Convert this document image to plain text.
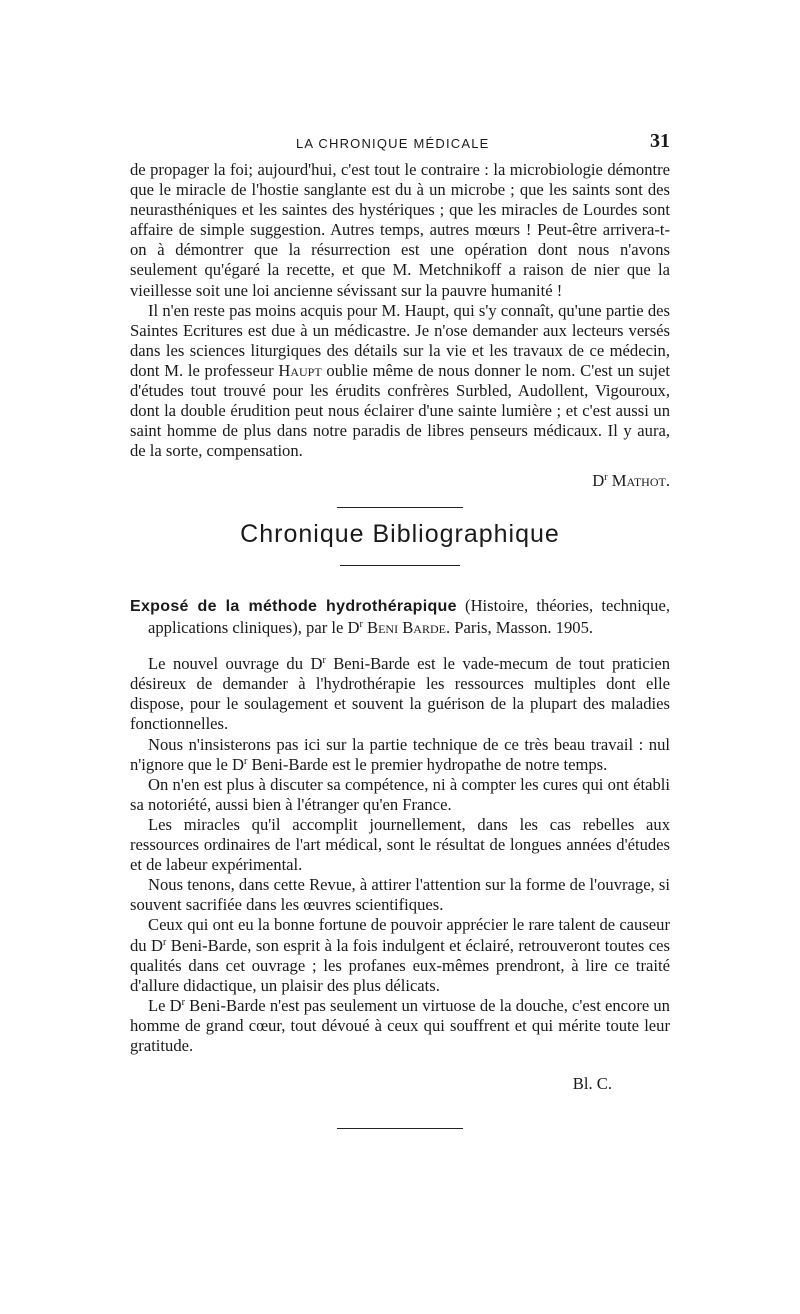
LA CHRONIQUE MÉDICALE	31

de propager la foi; aujourd'hui, c'est tout le contraire : la microbiologie démontre que le miracle de l'hostie sanglante est du à un microbe ; que les saints sont des neurasthéniques et les saintes des hystériques ; que les miracles de Lourdes sont affaire de simple suggestion. Autres temps, autres mœurs ! Peut-être arrivera-t-on à démontrer que la résurrection est une opération dont nous n'avons seulement qu'égaré la recette, et que M. Metchnikoff a raison de nier que la vieillesse soit une loi ancienne sévissant sur la pauvre humanité !

Il n'en reste pas moins acquis pour M. Haupt, qui s'y connaît, qu'une partie des Saintes Ecritures est due à un médicastre. Je n'ose demander aux lecteurs versés dans les sciences liturgiques des détails sur la vie et les travaux de ce médecin, dont M. le professeur Haupt oublie même de nous donner le nom. C'est un sujet d'études tout trouvé pour les érudits confrères Surbled, Audollent, Vigouroux, dont la double érudition peut nous éclairer d'une sainte lumière ; et c'est aussi un saint homme de plus dans notre paradis de libres penseurs médicaux. Il y aura, de la sorte, compensation.

$D^r$ Mathot.
Chronique Bibliographique

Exposé de la méthode hydrothérapique (Histoire, théories, technique, applications cliniques), par le $D^r$ Beni Barde. Paris, Masson. 1905.

Le nouvel ouvrage du $D^r$ Beni-Barde est le vade-mecum de tout praticien désireux de demander à l'hydrothérapie les ressources multiples dont elle dispose, pour le soulagement et souvent la guérison de la plupart des maladies fonctionnelles.

Nous n'insisterons pas ici sur la partie technique de ce très beau travail : nul n'ignore que le $D^r$ Beni-Barde est le premier hydropathe de notre temps.

On n'en est plus à discuter sa compétence, ni à compter les cures qui ont établi sa notoriété, aussi bien à l'étranger qu'en France.

Les miracles qu'il accomplit journellement, dans les cas rebelles aux ressources ordinaires de l'art médical, sont le résultat de longues années d'études et de labeur expérimental.

Nous tenons, dans cette Revue, à attirer l'attention sur la forme de l'ouvrage, si souvent sacrifiée dans les œuvres scientifiques.

Ceux qui ont eu la bonne fortune de pouvoir apprécier le rare talent de causeur du $D^r$ Beni-Barde, son esprit à la fois indulgent et éclairé, retrouveront toutes ces qualités dans cet ouvrage ; les profanes eux-mêmes prendront, à lire ce traité d'allure didactique, un plaisir des plus délicats.

Le $D^r$ Beni-Barde n'est pas seulement un virtuose de la douche, c'est encore un homme de grand cœur, tout dévoué à ceux qui souffrent et qui mérite toute leur gratitude.

Bl. C.
